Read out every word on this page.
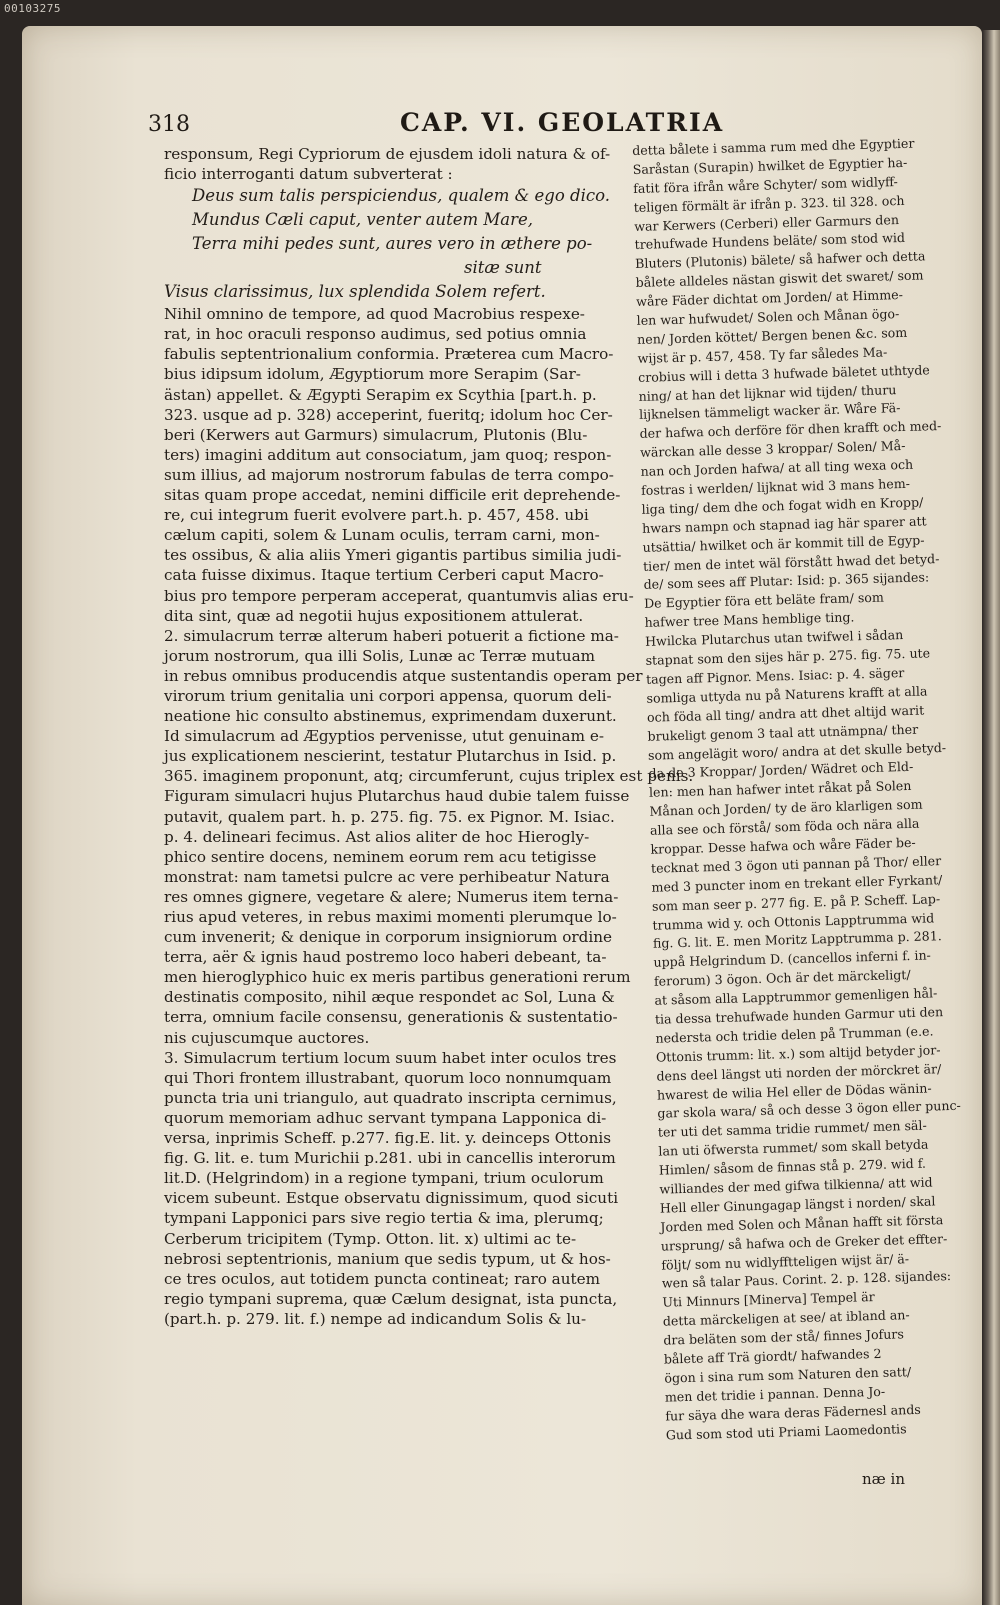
00103275
318	CAP. VI. GEOLATRIA
responsum, Regi Cypriorum de ejusdem idoli natura & of-
ficio interroganti datum subverterat :
Deus sum talis perspiciendus, qualem & ego dico.
Mundus Cæli caput, venter autem Mare,
Terra mihi pedes sunt, aures vero in æthere po-
sitæ sunt
Visus clarissimus, lux splendida Solem refert.
Nihil omnino de tempore, ad quod Macrobius respexe-
rat, in hoc oraculi responso audimus, sed potius omnia
fabulis septentrionalium conformia. Præterea cum Macro-
bius idipsum idolum, Ægyptiorum more Serapim (Sar-
ästan) appellet. & Ægypti Serapim ex Scythia [part.h. p.
323. usque ad p. 328) acceperint, fueritq; idolum hoc Cer-
beri (Kerwers aut Garmurs) simulacrum, Plutonis (Blu-
ters) imagini additum aut consociatum, jam quoq; respon-
sum illius, ad majorum nostrorum fabulas de terra compo-
sitas quam prope accedat, nemini difficile erit deprehende-
re, cui integrum fuerit evolvere part.h. p. 457, 458. ubi
cælum capiti, solem & Lunam oculis, terram carni, mon-
tes ossibus, & alia aliis Ymeri gigantis partibus similia judi-
cata fuisse diximus. Itaque tertium Cerberi caput Macro-
bius pro tempore perperam acceperat, quantumvis alias eru-
dita sint, quæ ad negotii hujus expositionem attulerat.
2. simulacrum terræ alterum haberi potuerit a fictione ma-
jorum nostrorum, qua illi Solis, Lunæ ac Terræ mutuam
in rebus omnibus producendis atque sustentandis operam per
virorum trium genitalia uni corpori appensa, quorum deli-
neatione hic consulto abstinemus, exprimendam duxerunt.
Id simulacrum ad Ægyptios pervenisse, utut genuinam e-
jus explicationem nescierint, testatur Plutarchus in Isid. p.
365. imaginem proponunt, atq; circumferunt, cujus triplex est penis.
Figuram simulacri hujus Plutarchus haud dubie talem fuisse
putavit, qualem part. h. p. 275. fig. 75. ex Pignor. M. Isiac.
p. 4. delineari fecimus. Ast alios aliter de hoc Hierogly-
phico sentire docens, neminem eorum rem acu tetigisse
monstrat: nam tametsi pulcre ac vere perhibeatur Natura
res omnes gignere, vegetare & alere; Numerus item terna-
rius apud veteres, in rebus maximi momenti plerumque lo-
cum invenerit; & denique in corporum insigniorum ordine
terra, aër & ignis haud postremo loco haberi debeant, ta-
men hieroglyphico huic ex meris partibus generationi rerum
destinatis composito, nihil æque respondet ac Sol, Luna &
terra, omnium facile consensu, generationis & sustentatio-
nis cujuscumque auctores.
3. Simulacrum tertium locum suum habet inter oculos tres
qui Thori frontem illustrabant, quorum loco nonnumquam
puncta tria uni triangulo, aut quadrato inscripta cernimus,
quorum memoriam adhuc servant tympana Lapponica di-
versa, inprimis Scheff. p.277. fig.E. lit. y. deinceps Ottonis
fig. G. lit. e. tum Murichii p.281. ubi in cancellis interorum
lit.D. (Helgrindom) in a regione tympani, trium oculorum
vicem subeunt. Estque observatu dignissimum, quod sicuti
tympani Lapponici pars sive regio tertia & ima, plerumq;
Cerberum tricipitem (Tymp. Otton. lit. x) ultimi ac te-
nebrosi septentrionis, manium que sedis typum, ut & hos-
ce tres oculos, aut totidem puncta contineat; raro autem
regio tympani suprema, quæ Cælum designat, ista puncta,
(part.h. p. 279. lit. f.) nempe ad indicandum Solis & lu-
detta bålete i samma rum med dhe Egyptier
Saråstan (Surapin) hwilket de Egyptier ha-
fatit föra ifrån wåre Schyter/ som widlyff-
teligen förmält är ifrån p. 323. til 328. och
war Kerwers (Cerberi) eller Garmurs den
trehufwade Hundens beläte/ som stod wid
Bluters (Plutonis) bälete/ så hafwer och detta
bålete alldeles nästan giswit det swaret/ som
wåre Fäder dichtat om Jorden/ at Himme-
len war hufwudet/ Solen och Månan ögo-
nen/ Jorden köttet/ Bergen benen &c. som
wijst är p. 457, 458. Ty far således Ma-
crobius will i detta 3 hufwade bäletet uthtyde
ning/ at han det lijknar wid tijden/ thuru
lijknelsen tämmeligt wacker är. Wåre Fä-
der hafwa och derföre för dhen krafft och med-
wärckan alle desse 3 kroppar/ Solen/ Må-
nan och Jorden hafwa/ at all ting wexa och
fostras i werlden/ lijknat wid 3 mans hem-
liga ting/ dem dhe och fogat widh en Kropp/
hwars nampn och stapnad iag här sparer att
utsättia/ hwilket och är kommit till de Egyp-
tier/ men de intet wäl förstått hwad det betyd-
de/ som sees aff Plutar: Isid: p. 365 sijandes:
De Egyptier föra ett beläte fram/ som
hafwer tree Mans hemblige ting.
Hwilcka Plutarchus utan twifwel i sådan
stapnat som den sijes här p. 275. fig. 75. ute
tagen aff Pignor. Mens. Isiac: p. 4. säger
somliga uttyda nu på Naturens krafft at alla
och föda all ting/ andra att dhet altijd warit
brukeligt genom 3 taal att utnämpna/ ther
som angelägit woro/ andra at det skulle betyd-
da de 3 Kroppar/ Jorden/ Wädret och Eld-
len: men han hafwer intet råkat på Solen
Månan och Jorden/ ty de äro klarligen som
alla see och förstå/ som föda och nära alla
kroppar. Desse hafwa och wåre Fäder be-
tecknat med 3 ögon uti pannan på Thor/ eller
med 3 puncter inom en trekant eller Fyrkant/
som man seer p. 277 fig. E. på P. Scheff. Lap-
trumma wid y. och Ottonis Lapptrumma wid
fig. G. lit. E. men Moritz Lapptrumma p. 281.
uppå Helgrindum D. (cancellos inferni f. in-
ferorum) 3 ögon. Och är det märckeligt/
at såsom alla Lapptrummor gemenligen hål-
tia dessa trehufwade hunden Garmur uti den
nedersta och tridie delen på Trumman (e.e.
Ottonis trumm: lit. x.) som altijd betyder jor-
dens deel längst uti norden der mörckret är/
hwarest de wilia Hel eller de Dödas wänin-
gar skola wara/ så och desse 3 ögon eller punc-
ter uti det samma tridie rummet/ men säl-
lan uti öfwersta rummet/ som skall betyda
Himlen/ såsom de finnas stå p. 279. wid f.
williandes der med gifwa tilkienna/ att wid
Hell eller Ginungagap längst i norden/ skal
Jorden med Solen och Månan hafft sit första
ursprung/ så hafwa och de Greker det effter-
följt/ som nu widlyfftteligen wijst är/ ä-
wen så talar Paus. Corint. 2. p. 128. sijandes:
Uti Minnurs [Minerva] Tempel är
detta märckeligen at see/ at ibland an-
dra beläten som der stå/ finnes Jofurs
bålete aff Trä giordt/ hafwandes 2
ögon i sina rum som Naturen den satt/
men det tridie i pannan. Denna Jo-
fur säya dhe wara deras Fädernesl ands
Gud som stod uti Priami Laomedontis
næ in
